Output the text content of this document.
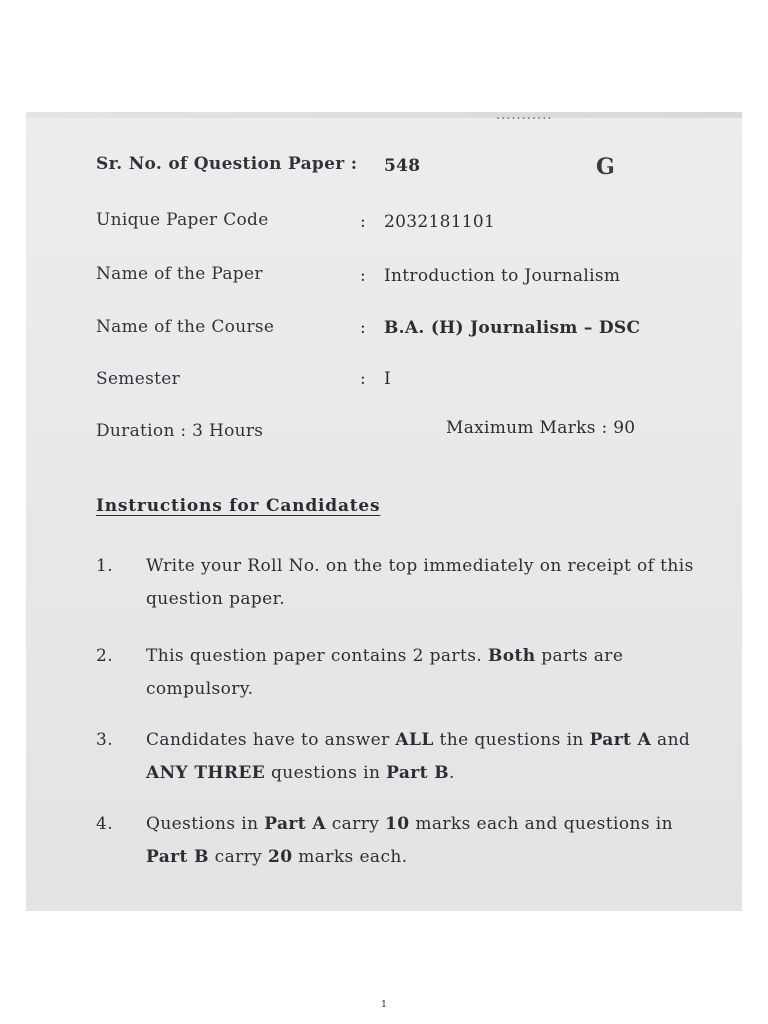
...........
Sr. No. of Question Paper : 548	G
Unique Paper Code	: 2032181101
Name of the Paper	: Introduction to Journalism
Name of the Course	: B.A. (H) Journalism – DSC
Semester	: I
Duration : 3 Hours	Maximum Marks : 90
Instructions for Candidates
1.	Write your Roll No. on the top immediately on receipt of this question paper.
2.	This question paper contains 2 parts. Both parts are compulsory.
3.	Candidates have to answer ALL the questions in Part A and ANY THREE questions in Part B.
4.	Questions in Part A carry 10 marks each and questions in Part B carry 20 marks each.
1
